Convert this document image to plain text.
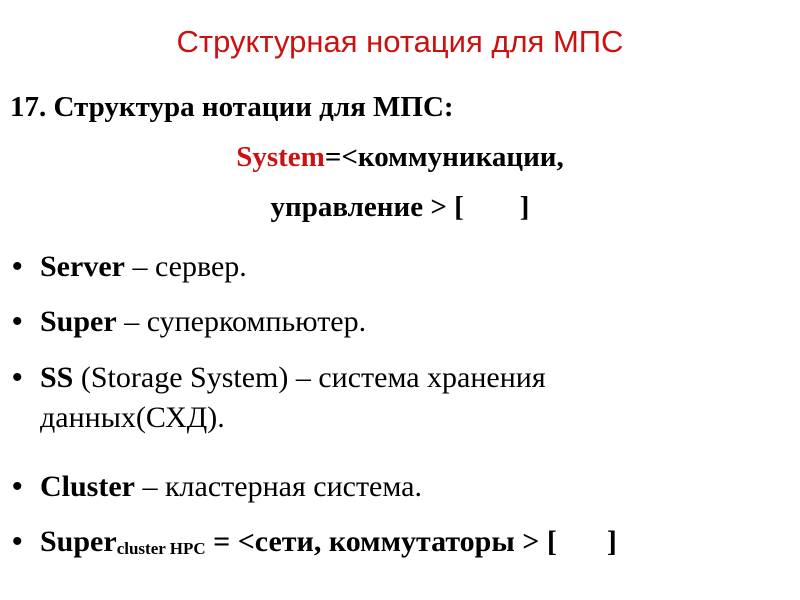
Структурная нотация для МПС

17. Структура нотации для МПС:

System=<коммуникации,
управление > [ ]
• Server – сервер.
• Super – суперкомпьютер.
• SS (Storage System) – система хранения
данных(СХД).
• Cluster – кластерная система.
• Supercluster HPC = <сети, коммутаторы > [ ]
